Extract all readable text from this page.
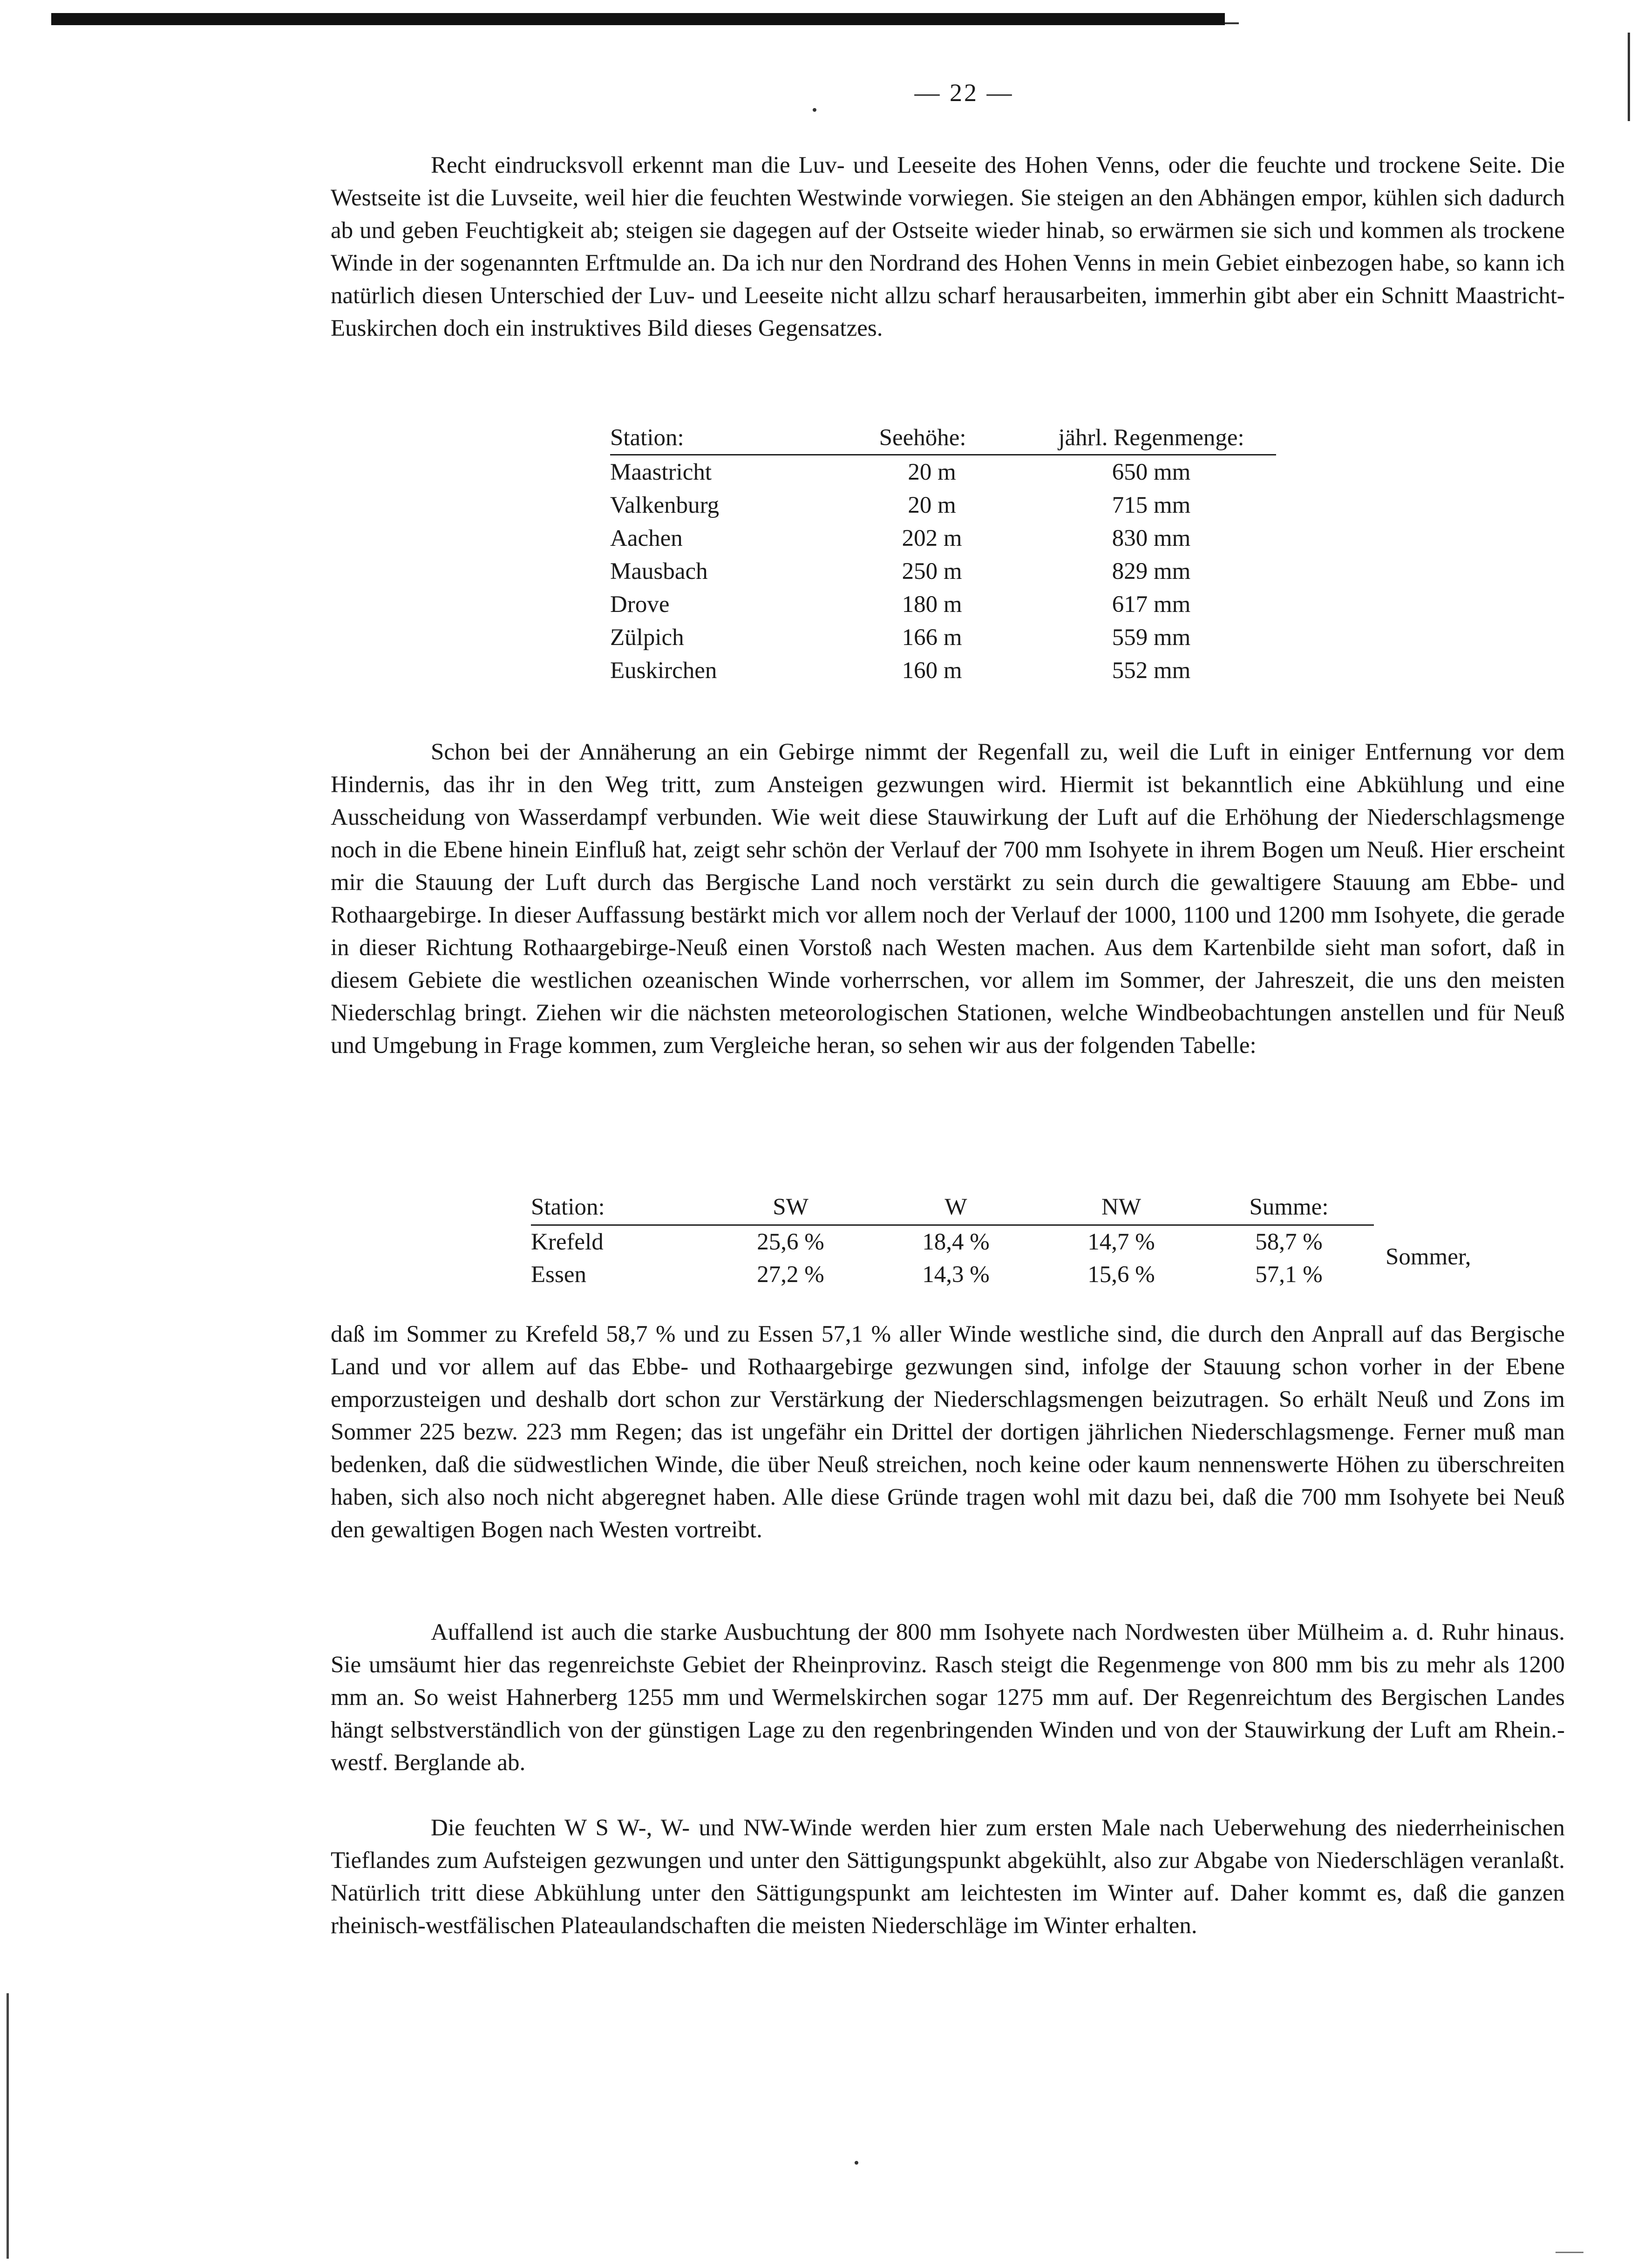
— 22 —

Recht eindrucksvoll erkennt man die Luv- und Leeseite des Hohen Venns, oder die feuchte und trockene Seite. Die Westseite ist die Luvseite, weil hier die feuchten Westwinde vorwiegen. Sie steigen an den Abhängen empor, kühlen sich dadurch ab und geben Feuchtigkeit ab; steigen sie dagegen auf der Ostseite wieder hinab, so erwärmen sie sich und kommen als trockene Winde in der sogenannten Erftmulde an. Da ich nur den Nordrand des Hohen Venns in mein Gebiet einbezogen habe, so kann ich natürlich diesen Unterschied der Luv- und Leeseite nicht allzu scharf herausarbeiten, immerhin gibt aber ein Schnitt Maastricht-Euskirchen doch ein instruktives Bild dieses Gegensatzes.

Station:	Seehöhe:	jährl. Regenmenge:
Maastricht	20 m	650 mm
Valkenburg	20 m	715 mm
Aachen	202 m	830 mm
Mausbach	250 m	829 mm
Drove	180 m	617 mm
Zülpich	166 m	559 mm
Euskirchen	160 m	552 mm

Schon bei der Annäherung an ein Gebirge nimmt der Regenfall zu, weil die Luft in einiger Entfernung vor dem Hindernis, das ihr in den Weg tritt, zum Ansteigen gezwungen wird. Hiermit ist bekanntlich eine Abkühlung und eine Ausscheidung von Wasserdampf verbunden. Wie weit diese Stauwirkung der Luft auf die Erhöhung der Niederschlagsmenge noch in die Ebene hinein Einfluß hat, zeigt sehr schön der Verlauf der 700 mm Isohyete in ihrem Bogen um Neuß. Hier erscheint mir die Stauung der Luft durch das Bergische Land noch verstärkt zu sein durch die gewaltigere Stauung am Ebbe- und Rothaargebirge. In dieser Auffassung bestärkt mich vor allem noch der Verlauf der 1000, 1100 und 1200 mm Isohyete, die gerade in dieser Richtung Rothaargebirge-Neuß einen Vorstoß nach Westen machen. Aus dem Kartenbilde sieht man sofort, daß in diesem Gebiete die westlichen ozeanischen Winde vorherrschen, vor allem im Sommer, der Jahreszeit, die uns den meisten Niederschlag bringt. Ziehen wir die nächsten meteorologischen Stationen, welche Windbeobachtungen anstellen und für Neuß und Umgebung in Frage kommen, zum Vergleiche heran, so sehen wir aus der folgenden Tabelle:

Station:	SW	W	NW	Summe:
Krefeld	25,6 %	18,4 %	14,7 %	58,7 %
Essen	27,2 %	14,3 %	15,6 %	57,1 %
Sommer,

daß im Sommer zu Krefeld 58,7 % und zu Essen 57,1 % aller Winde westliche sind, die durch den Anprall auf das Bergische Land und vor allem auf das Ebbe- und Rothaargebirge gezwungen sind, infolge der Stauung schon vorher in der Ebene emporzusteigen und deshalb dort schon zur Verstärkung der Niederschlagsmengen beizutragen. So erhält Neuß und Zons im Sommer 225 bezw. 223 mm Regen; das ist ungefähr ein Drittel der dortigen jährlichen Niederschlagsmenge. Ferner muß man bedenken, daß die südwestlichen Winde, die über Neuß streichen, noch keine oder kaum nennenswerte Höhen zu überschreiten haben, sich also noch nicht abgeregnet haben. Alle diese Gründe tragen wohl mit dazu bei, daß die 700 mm Isohyete bei Neuß den gewaltigen Bogen nach Westen vortreibt.

Auffallend ist auch die starke Ausbuchtung der 800 mm Isohyete nach Nordwesten über Mülheim a. d. Ruhr hinaus. Sie umsäumt hier das regenreichste Gebiet der Rheinprovinz. Rasch steigt die Regenmenge von 800 mm bis zu mehr als 1200 mm an. So weist Hahnerberg 1255 mm und Wermelskirchen sogar 1275 mm auf. Der Regenreichtum des Bergischen Landes hängt selbstverständlich von der günstigen Lage zu den regenbringenden Winden und von der Stauwirkung der Luft am Rhein.-westf. Berglande ab.

Die feuchten W S W-, W- und NW-Winde werden hier zum ersten Male nach Ueberwehung des niederrheinischen Tieflandes zum Aufsteigen gezwungen und unter den Sättigungspunkt abgekühlt, also zur Abgabe von Niederschlägen veranlaßt. Natürlich tritt diese Abkühlung unter den Sättigungspunkt am leichtesten im Winter auf. Daher kommt es, daß die ganzen rheinisch-westfälischen Plateaulandschaften die meisten Niederschläge im Winter erhalten.
